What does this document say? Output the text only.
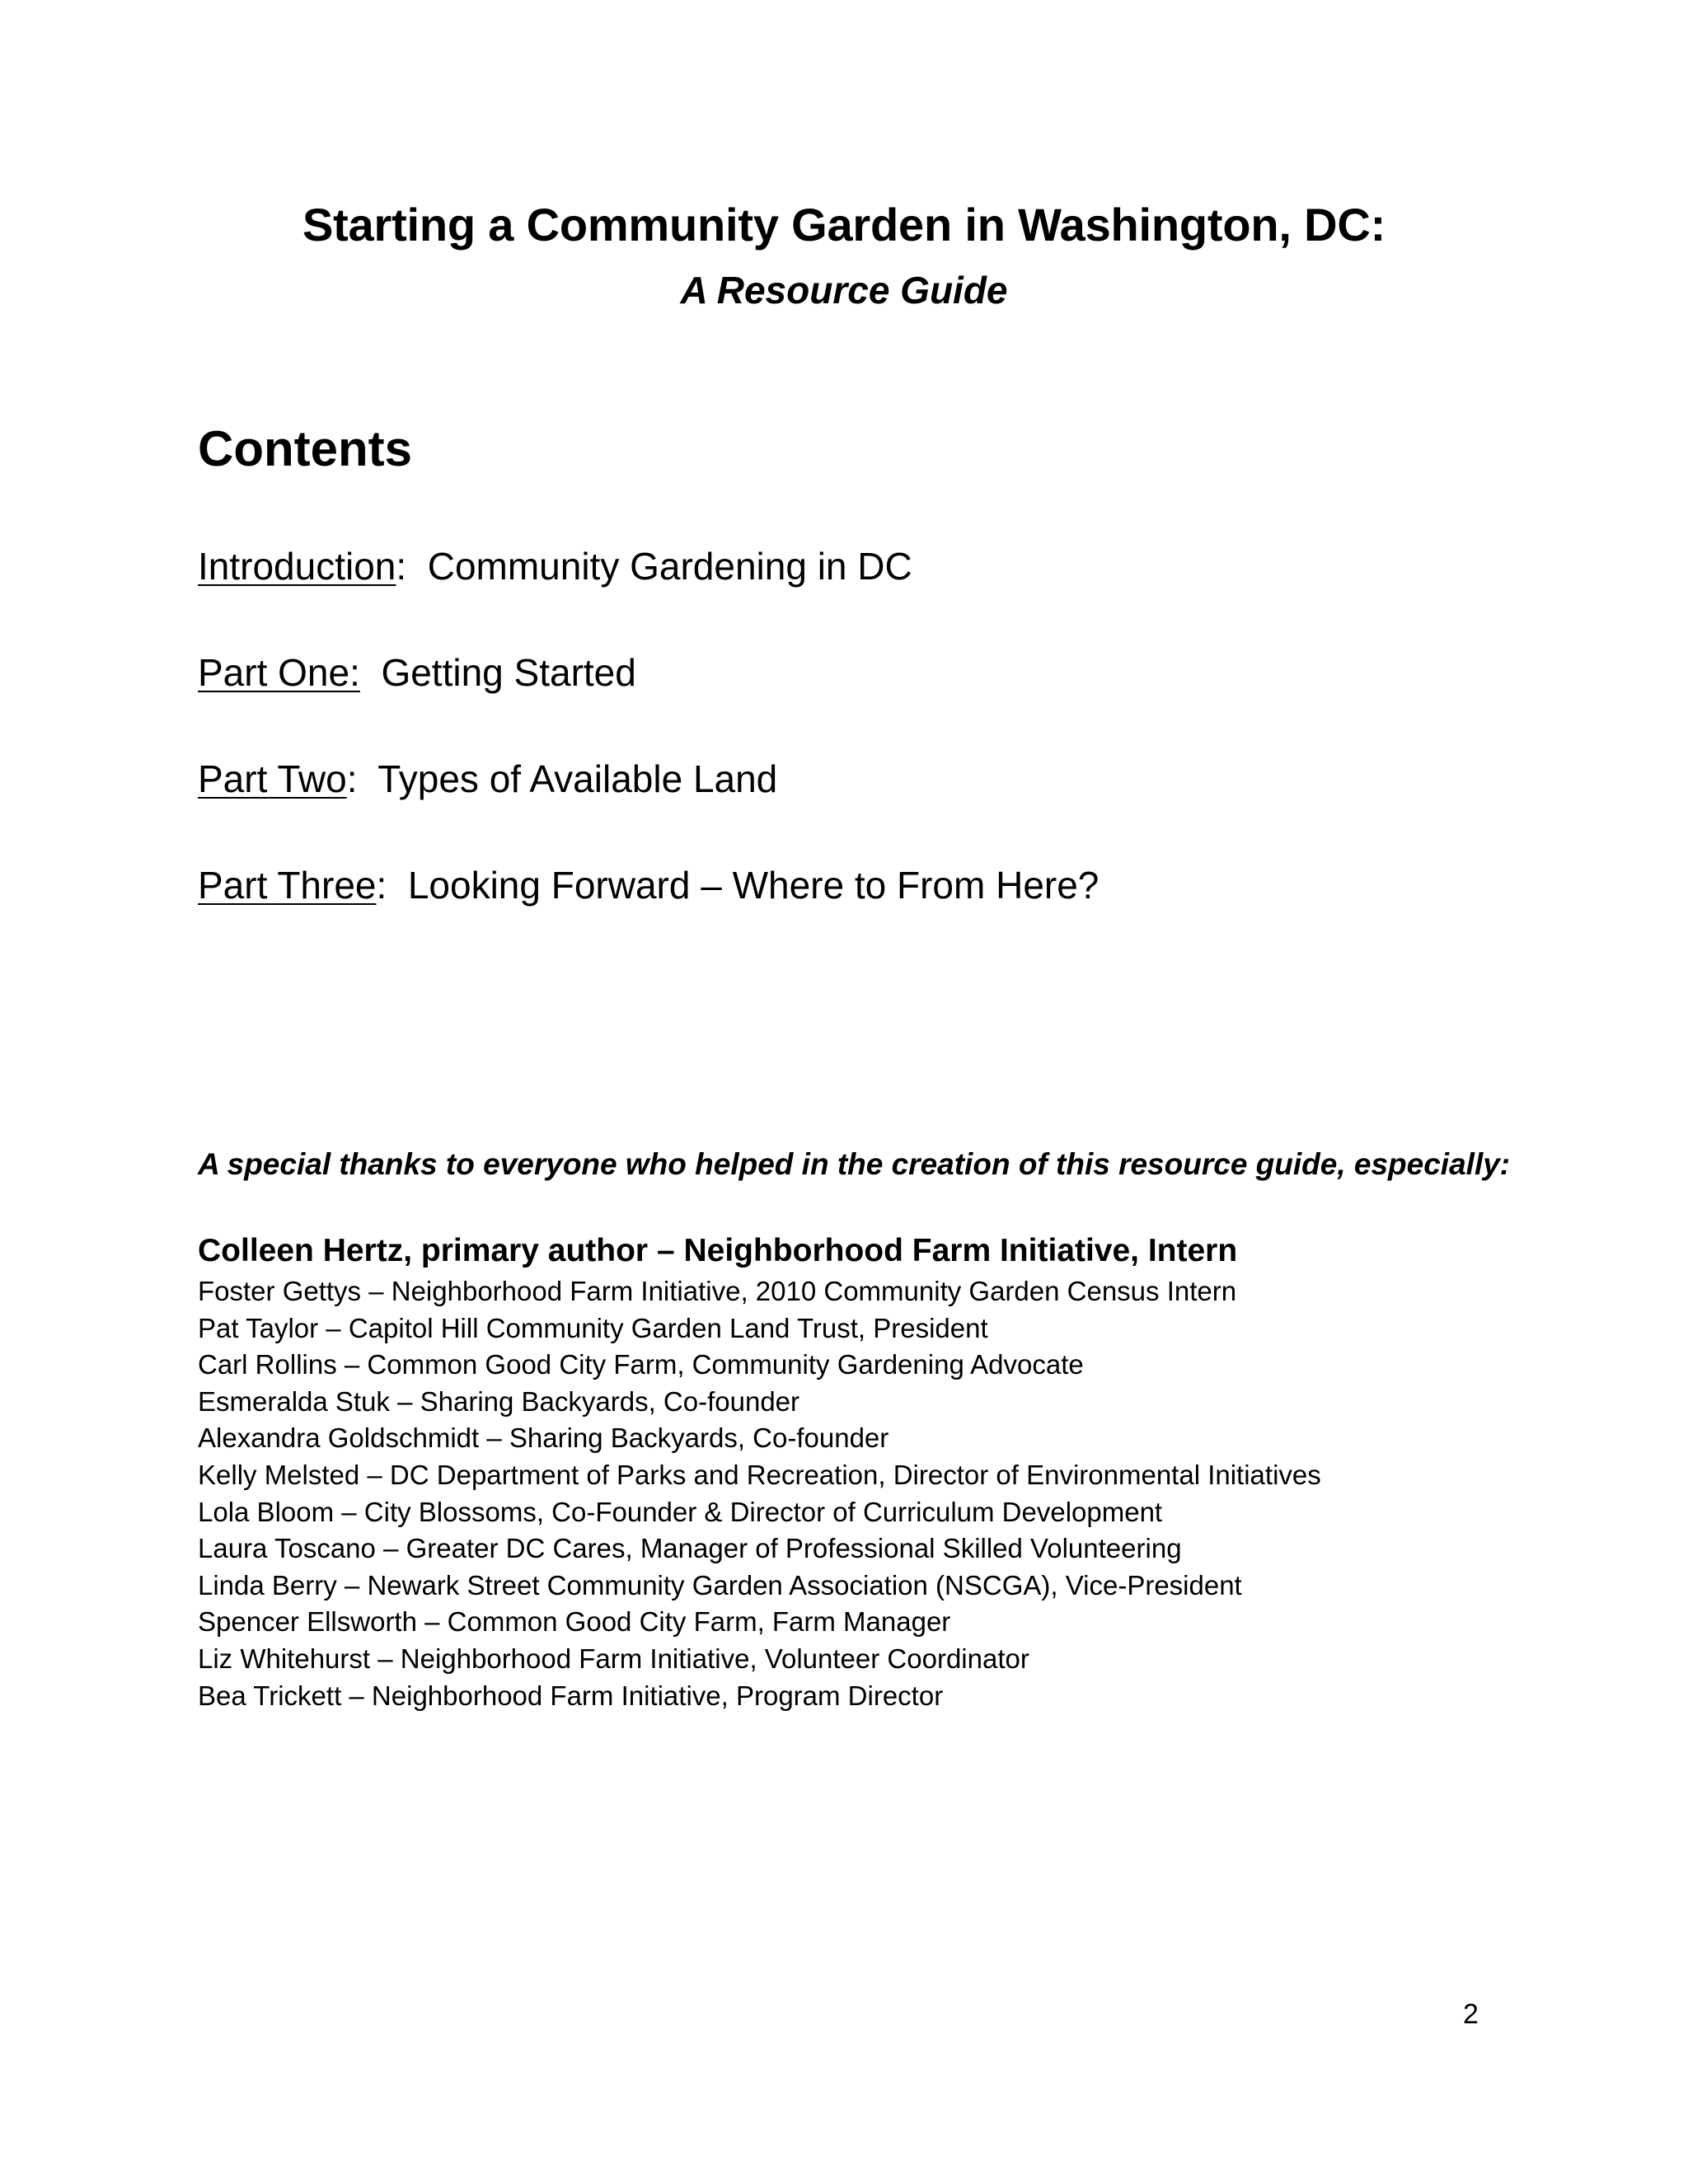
Starting a Community Garden in Washington, DC:
A Resource Guide
Contents
Introduction:  Community Gardening in DC
Part One: Getting Started
Part Two:  Types of Available Land
Part Three:  Looking Forward – Where to From Here?
A special thanks to everyone who helped in the creation of this resource guide, especially:
Colleen Hertz, primary author – Neighborhood Farm Initiative, Intern
Foster Gettys – Neighborhood Farm Initiative, 2010 Community Garden Census Intern
Pat Taylor – Capitol Hill Community Garden Land Trust, President
Carl Rollins – Common Good City Farm, Community Gardening Advocate
Esmeralda Stuk – Sharing Backyards, Co-founder
Alexandra Goldschmidt – Sharing Backyards, Co-founder
Kelly Melsted – DC Department of Parks and Recreation, Director of Environmental Initiatives
Lola Bloom – City Blossoms, Co-Founder & Director of Curriculum Development
Laura Toscano – Greater DC Cares, Manager of Professional Skilled Volunteering
Linda Berry – Newark Street Community Garden Association (NSCGA), Vice-President
Spencer Ellsworth – Common Good City Farm, Farm Manager
Liz Whitehurst – Neighborhood Farm Initiative, Volunteer Coordinator
Bea Trickett – Neighborhood Farm Initiative, Program Director
2
